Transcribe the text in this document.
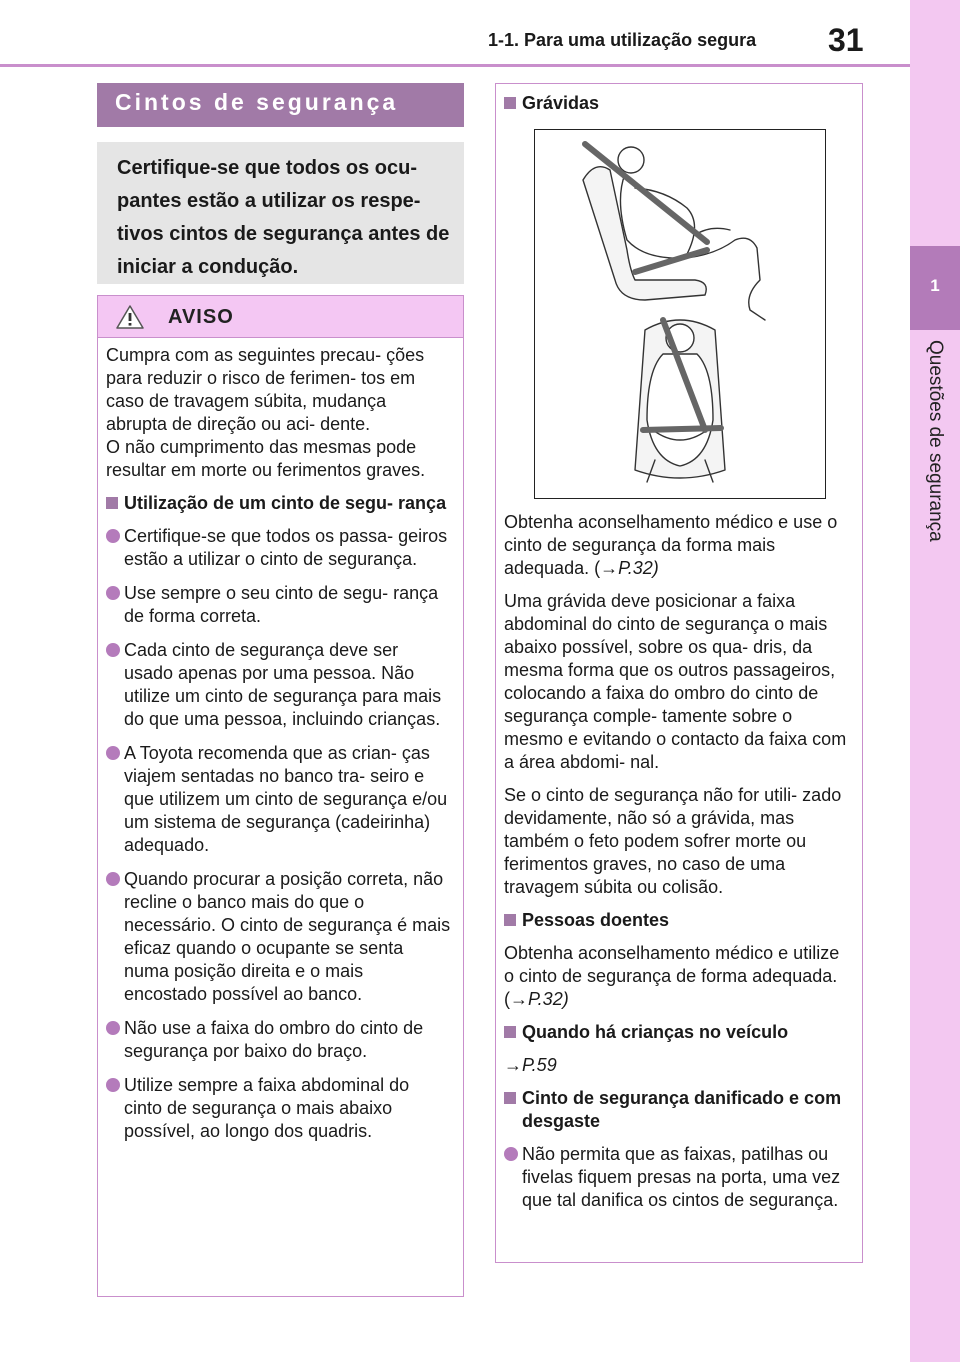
1-1. Para uma utilização segura 31
1
Questões de segurança
Cintos de segurança
Certifique-se que todos os ocu- pantes estão a utilizar os respe- tivos cintos de segurança antes de iniciar a condução.
AVISO
Cumpra com as seguintes precau- ções para reduzir o risco de ferimen- tos em caso de travagem súbita, mudança abrupta de direção ou aci- dente.
O não cumprimento das mesmas pode resultar em morte ou ferimentos graves.
Utilização de um cinto de segu- rança
Certifique-se que todos os passa- geiros estão a utilizar o cinto de segurança.
Use sempre o seu cinto de segu- rança de forma correta.
Cada cinto de segurança deve ser usado apenas por uma pessoa. Não utilize um cinto de segurança para mais do que uma pessoa, incluindo crianças.
A Toyota recomenda que as crian- ças viajem sentadas no banco tra- seiro e que utilizem um cinto de segurança e/ou um sistema de segurança (cadeirinha) adequado.
Quando procurar a posição correta, não recline o banco mais do que o necessário. O cinto de segurança é mais eficaz quando o ocupante se senta numa posição direita e o mais encostado possível ao banco.
Não use a faixa do ombro do cinto de segurança por baixo do braço.
Utilize sempre a faixa abdominal do cinto de segurança o mais abaixo possível, ao longo dos quadris.
Grávidas
Obtenha aconselhamento médico e use o cinto de segurança da forma mais adequada. (→P.32)
Uma grávida deve posicionar a faixa abdominal do cinto de segurança o mais abaixo possível, sobre os qua- dris, da mesma forma que os outros passageiros, colocando a faixa do ombro do cinto de segurança comple- tamente sobre o mesmo e evitando o contacto da faixa com a área abdomi- nal.
Se o cinto de segurança não for utili- zado devidamente, não só a grávida, mas também o feto podem sofrer morte ou ferimentos graves, no caso de uma travagem súbita ou colisão.
Pessoas doentes
Obtenha aconselhamento médico e utilize o cinto de segurança de forma adequada. (→P.32)
Quando há crianças no veículo
→P.59
Cinto de segurança danificado e com desgaste
Não permita que as faixas, patilhas ou fivelas fiquem presas na porta, uma vez que tal danifica os cintos de segurança.
